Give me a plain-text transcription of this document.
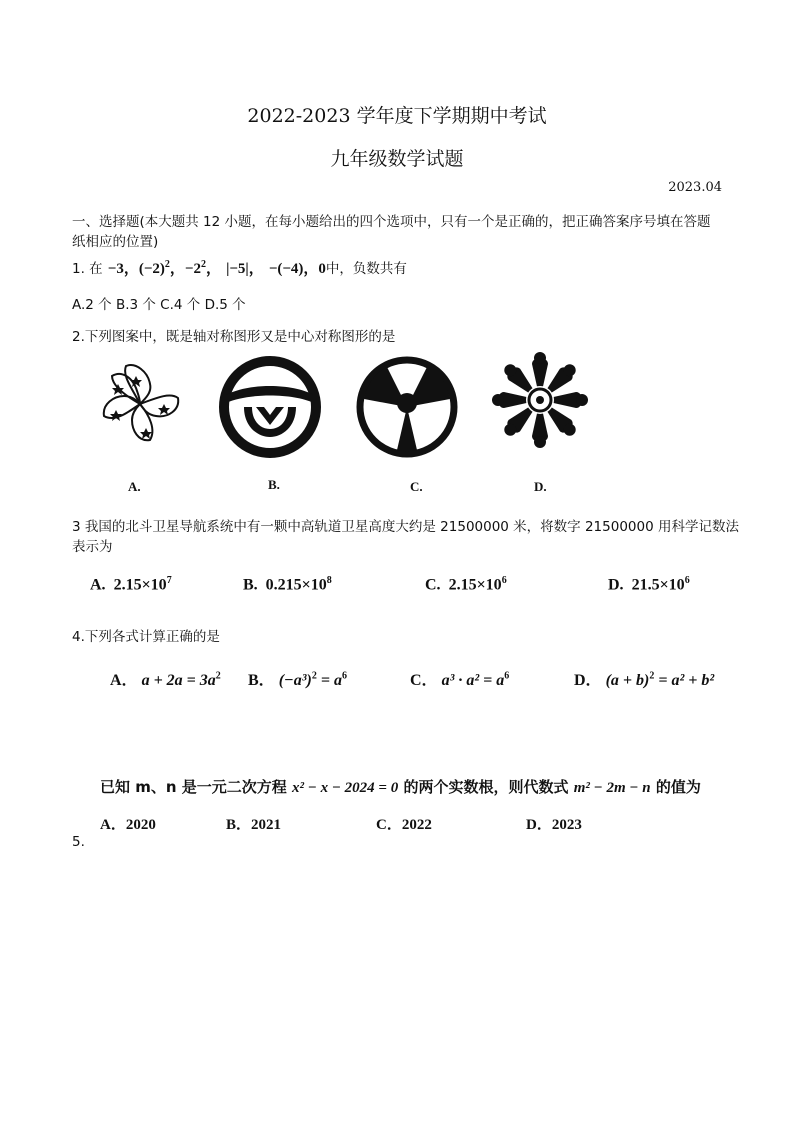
2022-2023 学年度下学期期中考试
九年级数学试题
2023.04
一、选择题(本大题共 12 小题，在每小题给出的四个选项中，只有一个是正确的，把正确答案序号填在答题
纸相应的位置)
1. 在 −3，$(-2)^2$，$-2^2$， |−5|， −(−4)，0中，负数共有
A.2 个 B.3 个 C.4 个 D.5 个
2.下列图案中，既是轴对称图形又是中心对称图形的是
A.	B.	C.	D.
3 我国的北斗卫星导航系统中有一颗中高轨道卫星高度大约是 21500000 米，将数字 21500000 用科学记数法
表示为
A. $2.15\times 10^7$	B. $0.215\times 10^8$	C. $2.15\times 10^6$	D. $21.5\times 10^6$
4.下列各式计算正确的是
A． $a + 2a = 3a^2$ B． $(-a^3)^2 = a^6$	C． $a^3 \cdot a^2 = a^6$	D． $(a + b)^2 = a^2 + b^2$
已知 m、n 是一元二次方程 x² − x − 2024 = 0 的两个实数根，则代数式 m² − 2m − n 的值为
A．2020	B．2021	C．2022	D．2023
5.
